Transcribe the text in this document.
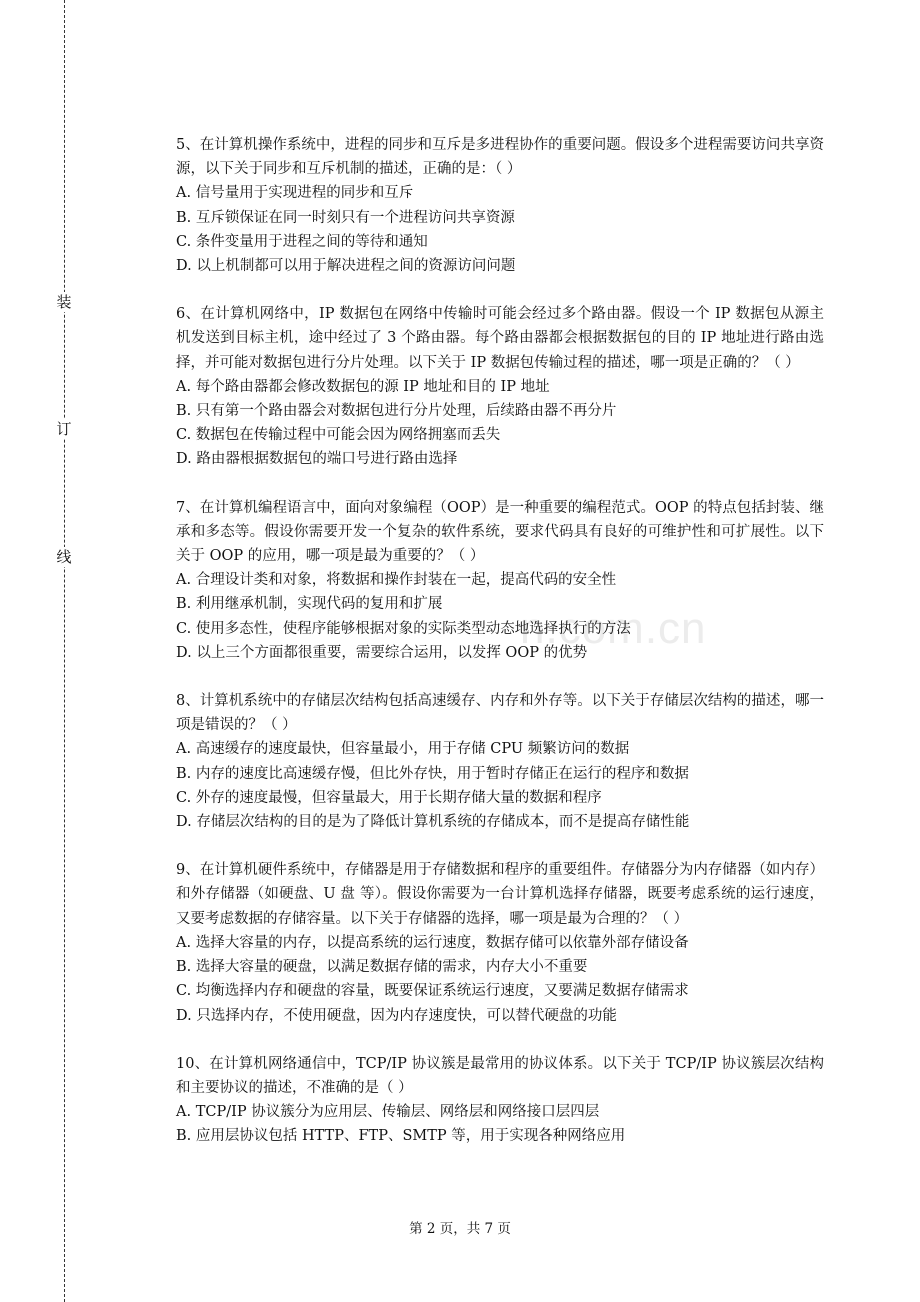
装
订
线
n.com.cn
5、在计算机操作系统中，进程的同步和互斥是多进程协作的重要问题。假设多个进程需要访问共享资源，以下关于同步和互斥机制的描述，正确的是：（ ）
A. 信号量用于实现进程的同步和互斥
B. 互斥锁保证在同一时刻只有一个进程访问共享资源
C. 条件变量用于进程之间的等待和通知
D. 以上机制都可以用于解决进程之间的资源访问问题
6、在计算机网络中，IP 数据包在网络中传输时可能会经过多个路由器。假设一个 IP 数据包从源主机发送到目标主机，途中经过了 3 个路由器。每个路由器都会根据数据包的目的 IP 地址进行路由选择，并可能对数据包进行分片处理。以下关于 IP 数据包传输过程的描述，哪一项是正确的？（ ）
A. 每个路由器都会修改数据包的源 IP 地址和目的 IP 地址
B. 只有第一个路由器会对数据包进行分片处理，后续路由器不再分片
C. 数据包在传输过程中可能会因为网络拥塞而丢失
D. 路由器根据数据包的端口号进行路由选择
7、在计算机编程语言中，面向对象编程（OOP）是一种重要的编程范式。OOP 的特点包括封装、继承和多态等。假设你需要开发一个复杂的软件系统，要求代码具有良好的可维护性和可扩展性。以下关于 OOP 的应用，哪一项是最为重要的？（ ）
A. 合理设计类和对象，将数据和操作封装在一起，提高代码的安全性
B. 利用继承机制，实现代码的复用和扩展
C. 使用多态性，使程序能够根据对象的实际类型动态地选择执行的方法
D. 以上三个方面都很重要，需要综合运用，以发挥 OOP 的优势
8、计算机系统中的存储层次结构包括高速缓存、内存和外存等。以下关于存储层次结构的描述，哪一项是错误的？（ ）
A. 高速缓存的速度最快，但容量最小，用于存储 CPU 频繁访问的数据
B. 内存的速度比高速缓存慢，但比外存快，用于暂时存储正在运行的程序和数据
C. 外存的速度最慢，但容量最大，用于长期存储大量的数据和程序
D. 存储层次结构的目的是为了降低计算机系统的存储成本，而不是提高存储性能
9、在计算机硬件系统中，存储器是用于存储数据和程序的重要组件。存储器分为内存储器（如内存）和外存储器（如硬盘、U 盘 等）。假设你需要为一台计算机选择存储器，既要考虑系统的运行速度，又要考虑数据的存储容量。以下关于存储器的选择，哪一项是最为合理的？（ ）
A. 选择大容量的内存，以提高系统的运行速度，数据存储可以依靠外部存储设备
B. 选择大容量的硬盘，以满足数据存储的需求，内存大小不重要
C. 均衡选择内存和硬盘的容量，既要保证系统运行速度，又要满足数据存储需求
D. 只选择内存，不使用硬盘，因为内存速度快，可以替代硬盘的功能
10、在计算机网络通信中，TCP/IP 协议簇是最常用的协议体系。以下关于 TCP/IP 协议簇层次结构和主要协议的描述，不准确的是（ ）
A. TCP/IP 协议簇分为应用层、传输层、网络层和网络接口层四层
B. 应用层协议包括 HTTP、FTP、SMTP 等，用于实现各种网络应用
第 2 页，共 7 页
